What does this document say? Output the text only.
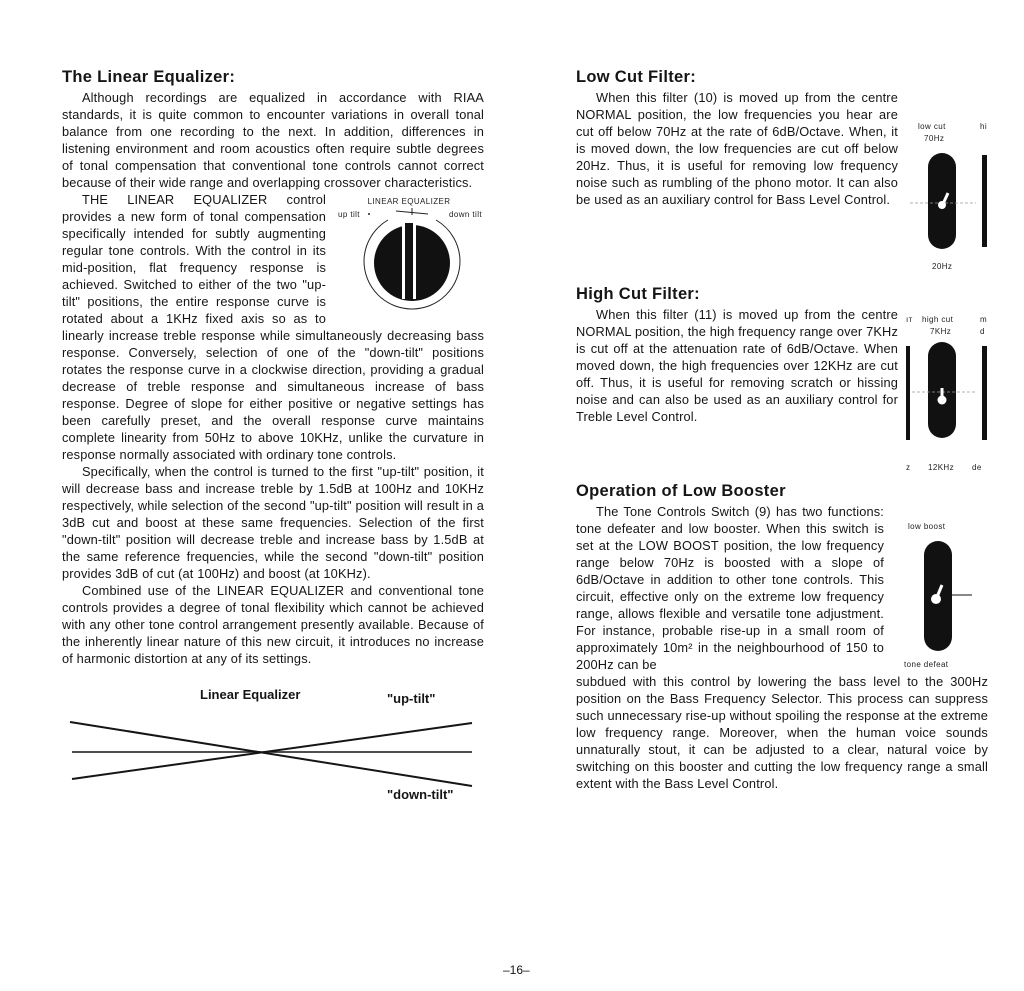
The Linear Equalizer:

Although recordings are equalized in accordance with RIAA standards, it is quite common to encounter variations in overall tonal balance from one recording to the next. In addition, differences in listening environment and room acoustics often require subtle degrees of tonal compensation that conventional tone controls cannot correct because of their wide range and overlapping crossover characteristics.

LINEAR EQUALIZER
up tilt	down tilt

THE LINEAR EQUALIZER control provides a new form of tonal compensation specifically intended for subtly augmenting regular tone controls. With the control in its mid-position, flat frequency response is achieved. Switched to either of the two "up-tilt" positions, the entire response curve is rotated about a 1KHz fixed axis so as to linearly increase treble response while simultaneously decreasing bass response. Conversely, selection of one of the "down-tilt" positions rotates the response curve in a clockwise direction, providing a gradual decrease of treble response and simultaneous increase of bass response. Degree of slope for either positive or negative settings has been carefully preset, and the overall response curve maintains complete linearity from 50Hz to above 10KHz, unlike the curvature in response normally associated with ordinary tone controls.

Specifically, when the control is turned to the first "up-tilt" position, it will decrease bass and increase treble by 1.5dB at 100Hz and 10KHz respectively, while selection of the second "up-tilt" position will result in a 3dB cut and boost at these same frequencies. Selection of the first "down-tilt" position will decrease treble and increase bass by 1.5dB at the same reference frequencies, while the second "down-tilt" position provides 3dB of cut (at 100Hz) and boost (at 10KHz).

Combined use of the LINEAR EQUALIZER and conventional tone controls provides a degree of tonal flexibility which cannot be achieved with any other tone control arrangement presently available. Because of the inherently linear nature of this new circuit, it introduces no increase of harmonic distortion at any of its settings.

Linear Equalizer	"up-tilt"
"down-tilt"
Low Cut Filter:
low cut	hi
70Hz
20Hz

When this filter (10) is moved up from the centre NORMAL position, the low frequencies you hear are cut off below 70Hz at the rate of 6dB/Octave. When, it is moved down, the low frequencies are cut off below 20Hz. Thus, it is useful for removing low frequency noise such as rumbling of the phono motor. It can also be used as an auxiliary control for Bass Level Control.

High Cut Filter:
ıт high cut	m
7KHz	d
z 12KHz de

When this filter (11) is moved up from the centre NORMAL position, the high frequency range over 7KHz is cut off at the attenuation rate of 6dB/Octave. When moved down, the high frequencies over 12KHz are cut off. Thus, it is useful for removing scratch or hissing noise and can also be used as an auxiliary control for Treble Level Control.

Operation of Low Booster
low boost
tone defeat

The Tone Controls Switch (9) has two functions: tone defeater and low booster. When this switch is set at the LOW BOOST position, the low frequency range below 70Hz is boosted with a slope of 6dB/Octave in addition to other tone controls. This circuit, effective only on the extreme low frequency range, allows flexible and versatile tone adjustment. For instance, probable rise-up in a small room of approximately 10m² in the neighbourhood of 150 to 200Hz can be

subdued with this control by lowering the bass level to the 300Hz position on the Bass Frequency Selector. This process can suppress such unnecessary rise-up without spoiling the response at the extreme low frequency range. Moreover, when the human voice sounds unnaturally stout, it can be adjusted to a clear, natural voice by switching on this booster and cutting the low frequency range a small extent with the Bass Level Control.

–16–
